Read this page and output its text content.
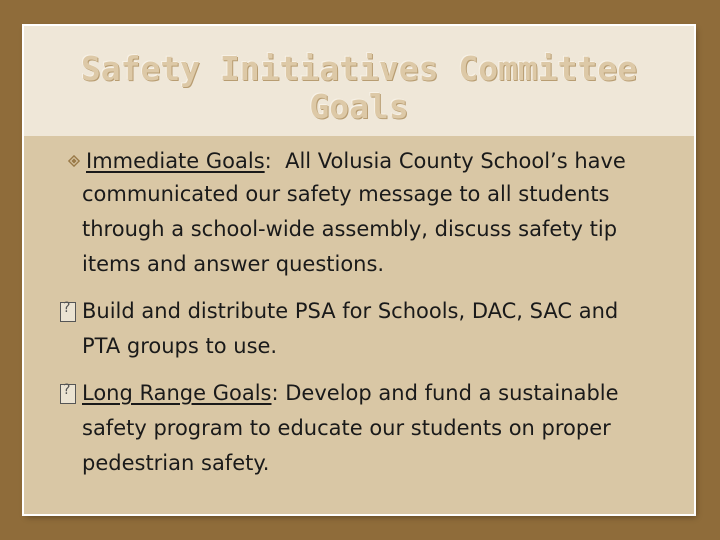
Safety Initiatives Committee
Goals
Immediate Goals:  All Volusia County School’s have
communicated our safety message to all students
through a school-wide assembly, discuss safety tip
items and answer questions.
?
Build and distribute PSA for Schools, DAC, SAC and
PTA groups to use.
?
Long Range Goals: Develop and fund a sustainable
safety program to educate our students on proper
pedestrian safety.
